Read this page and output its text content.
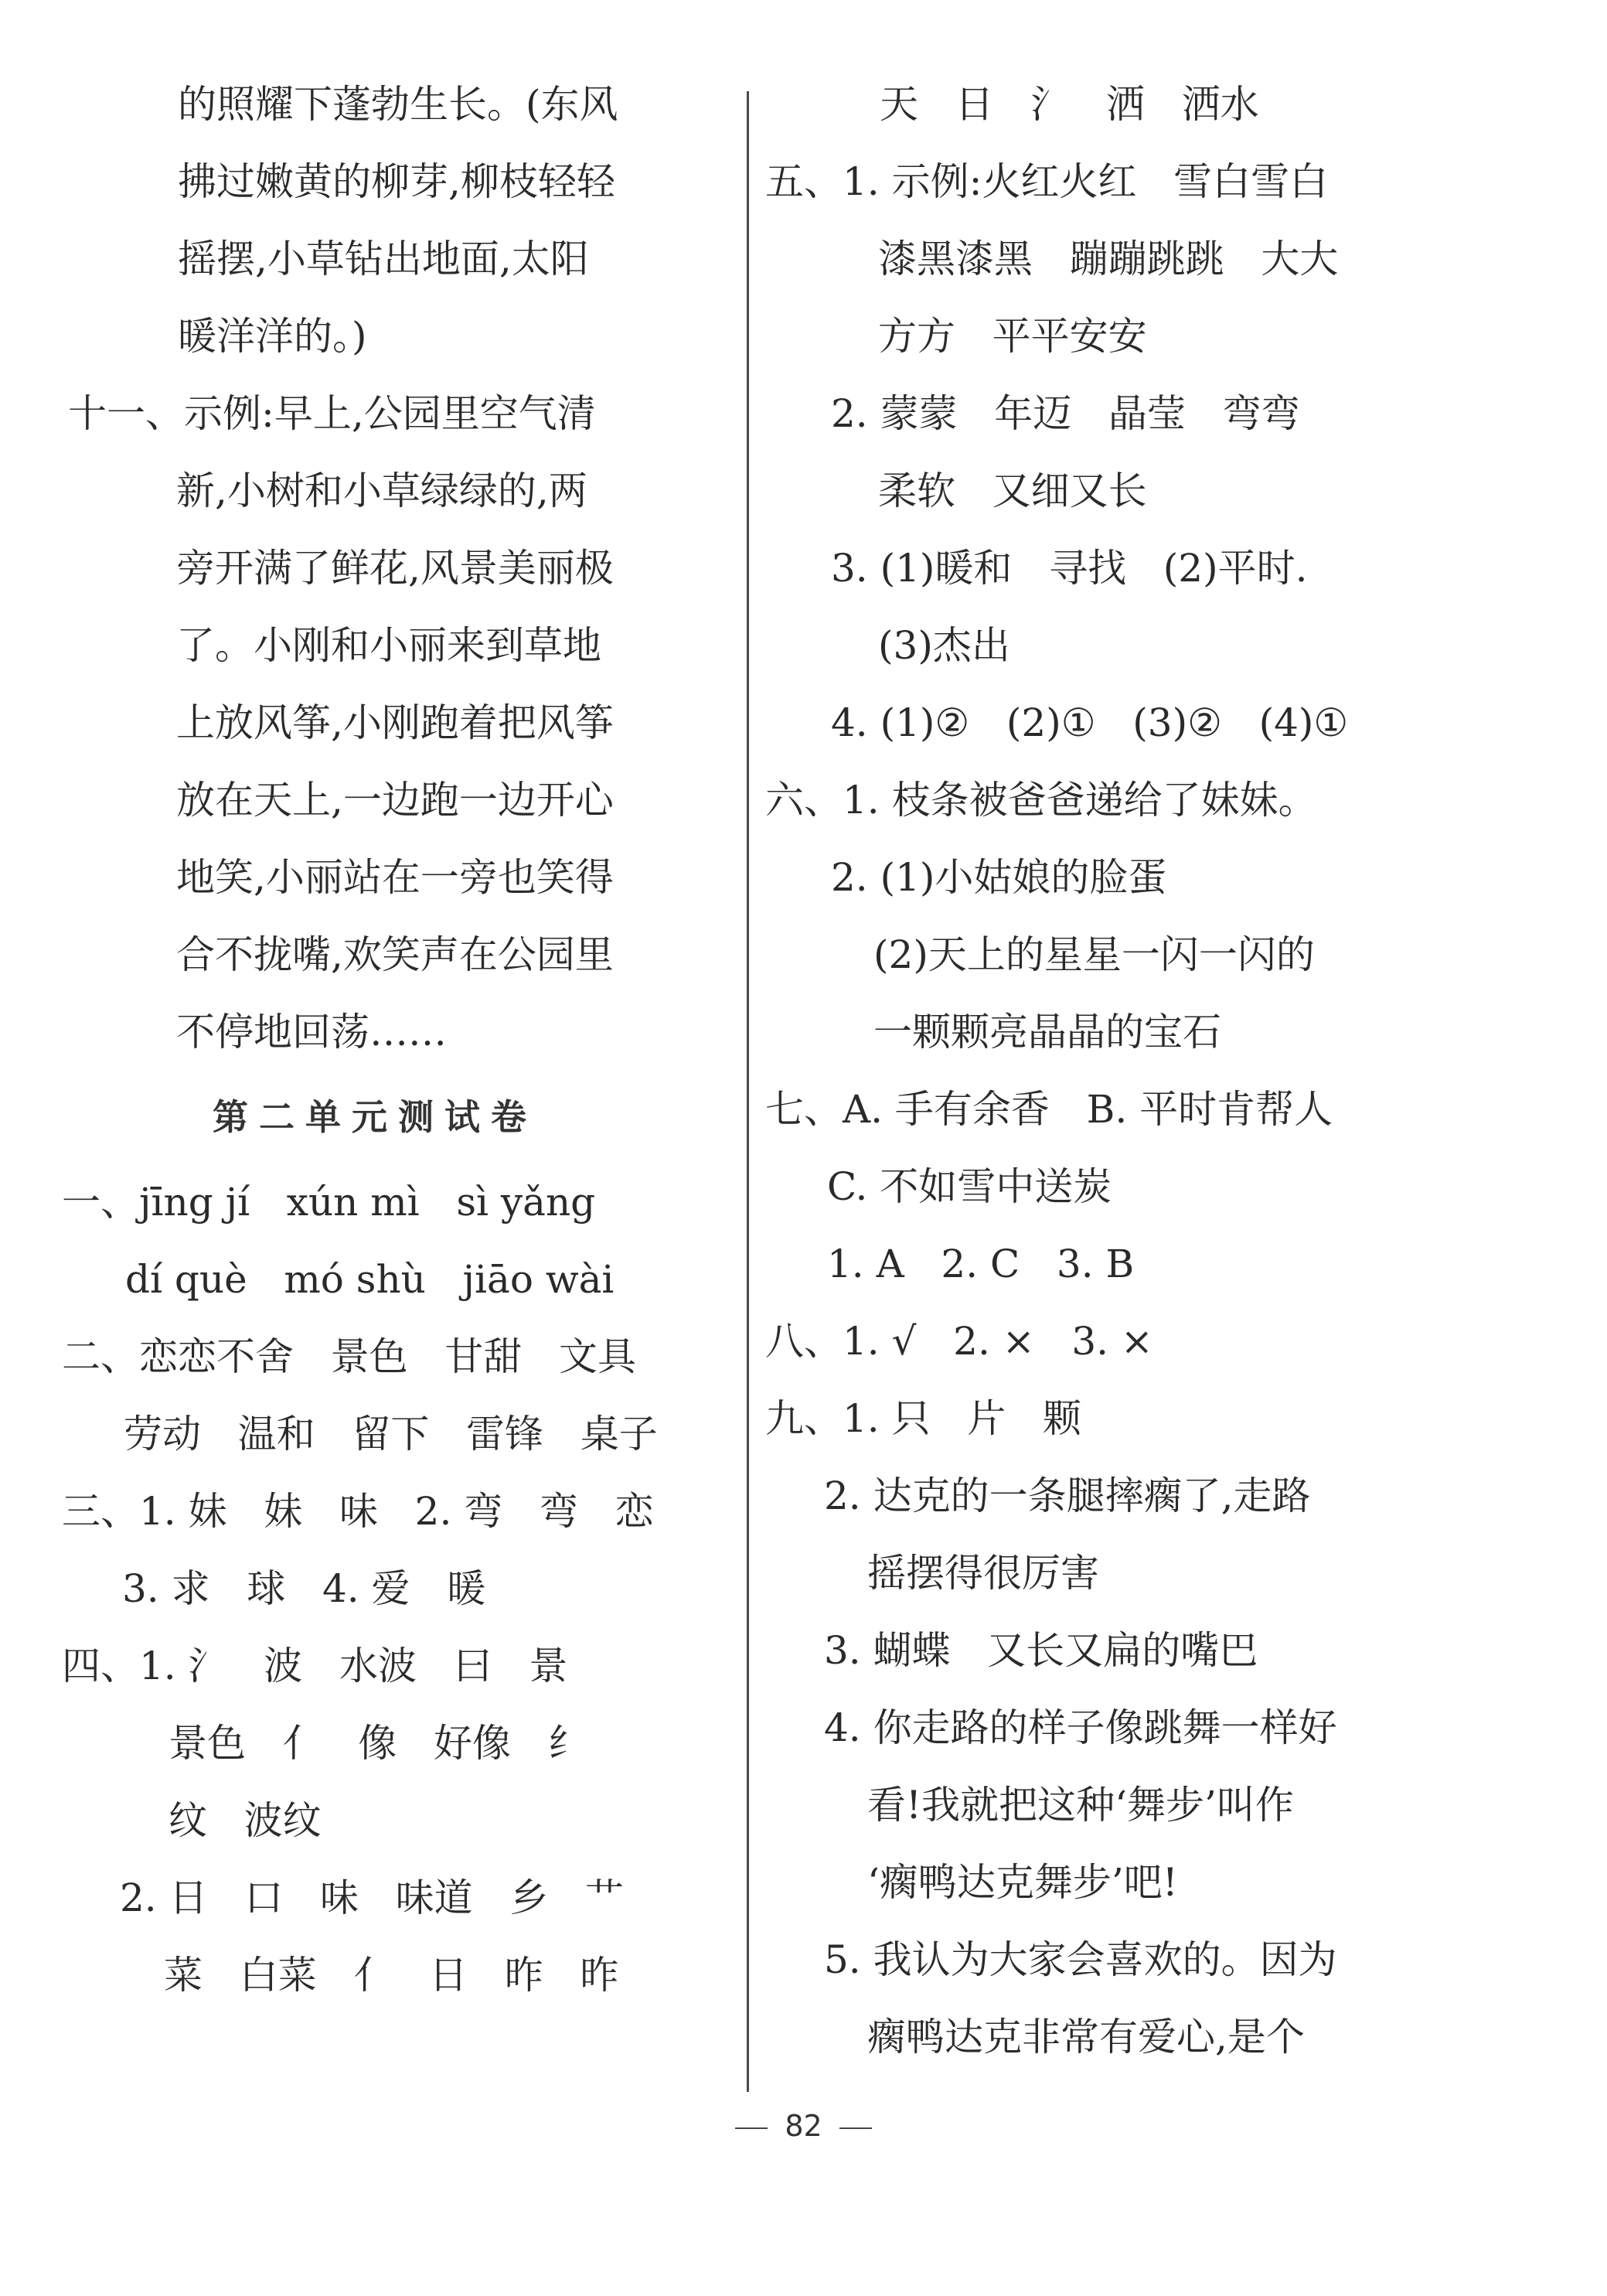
的照耀下蓬勃生长。(东风
拂过嫩黄的柳芽,柳枝轻轻
摇摆,小草钻出地面,太阳
暖洋洋的。)
十一、示例:早上,公园里空气清
新,小树和小草绿绿的,两
旁开满了鲜花,风景美丽极
了。小刚和小丽来到草地
上放风筝,小刚跑着把风筝
放在天上,一边跑一边开心
地笑,小丽站在一旁也笑得
合不拢嘴,欢笑声在公园里
不停地回荡……
第二单元测试卷
一、jīng jí   xún mì   sì yǎng
dí què   mó shù   jiāo wài
二、恋恋不舍   景色   甘甜   文具
劳动   温和   留下   雷锋   桌子
三、1. 妹   妹   味   2. 弯   弯   恋
3. 求   球   4. 爱   暖
四、1. 氵   波   水波   曰   景
景色   亻   像   好像   纟
纹   波纹
2. 日   口   味   味道   乡   艹
菜   白菜   亻   日   昨   昨
天   日   氵   洒   洒水
五、1. 示例:火红火红   雪白雪白
漆黑漆黑   蹦蹦跳跳   大大
方方   平平安安
2. 蒙蒙   年迈   晶莹   弯弯
柔软   又细又长
3. (1)暖和   寻找   (2)平时.
(3)杰出
4. (1)②   (2)①   (3)②   (4)①
六、1. 枝条被爸爸递给了妹妹。
2. (1)小姑娘的脸蛋
(2)天上的星星一闪一闪的
一颗颗亮晶晶的宝石
七、A. 手有余香   B. 平时肯帮人
C. 不如雪中送炭
1. A   2. C   3. B
八、1. √   2. ×   3. ×
九、1. 只   片   颗
2. 达克的一条腿摔瘸了,走路
摇摆得很厉害
3. 蝴蝶   又长又扁的嘴巴
4. 你走路的样子像跳舞一样好
看!我就把这种‘舞步’叫作
‘瘸鸭达克舞步’吧!
5. 我认为大家会喜欢的。因为
瘸鸭达克非常有爱心,是个
82
